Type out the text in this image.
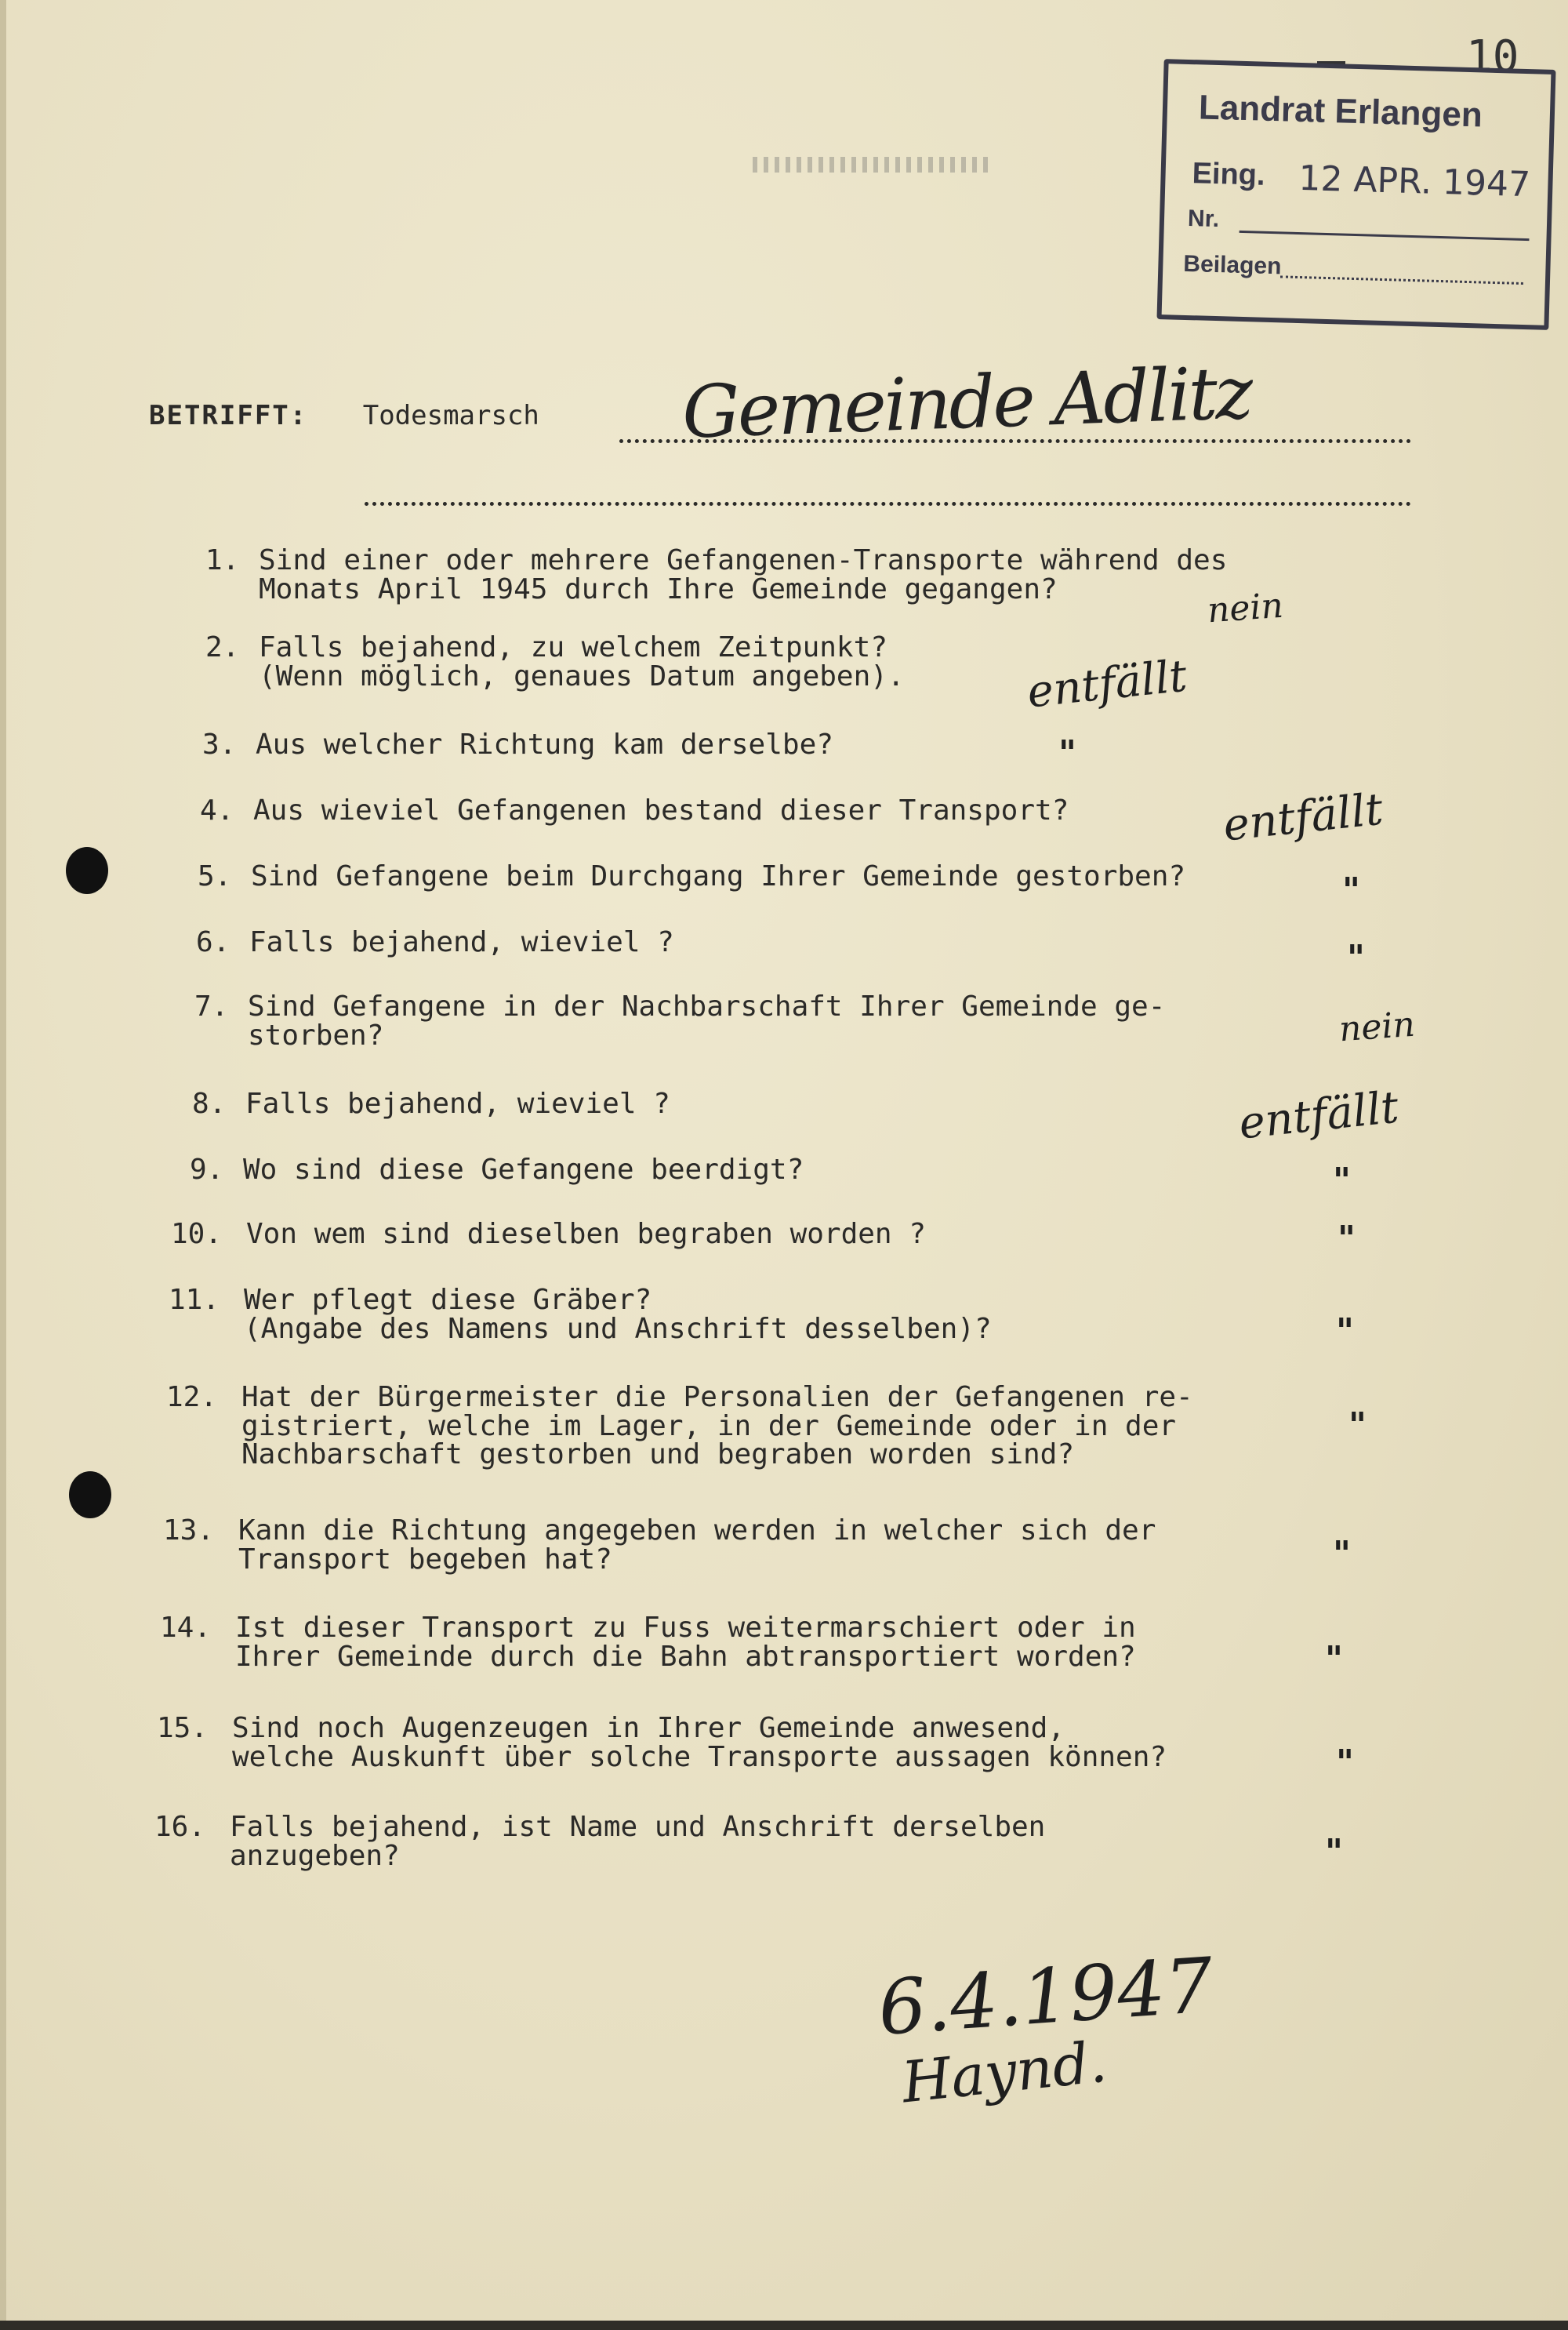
10
Landrat Erlangen
Eing. 12 APR. 1947
Nr.
Beilagen
BETRIFFT: Todesmarsch Gemeinde Adlitz

1.

Sind einer oder mehrere Gefangenen-Transporte während des
Monats April 1945 durch Ihre Gemeinde gegangen?

2.

Falls bejahend, zu welchem Zeitpunkt?
(Wenn möglich, genaues Datum angeben).

3.

Aus welcher Richtung kam derselbe?

4.

Aus wieviel Gefangenen bestand dieser Transport?

5.

Sind Gefangene beim Durchgang Ihrer Gemeinde gestorben?

6.

Falls bejahend, wieviel ?

7.

Sind Gefangene in der Nachbarschaft Ihrer Gemeinde ge-
storben?

8.

Falls bejahend, wieviel ?

9.

Wo sind diese Gefangene beerdigt?

10.

Von wem sind dieselben begraben worden ?

11.

Wer pflegt diese Gräber?
(Angabe des Namens und Anschrift desselben)?

12.

Hat der Bürgermeister die Personalien der Gefangenen re-
gistriert, welche im Lager, in der Gemeinde oder in der
Nachbarschaft gestorben und begraben worden sind?

13.

Kann die Richtung angegeben werden in welcher sich der
Transport begeben hat?

14.

Ist dieser Transport zu Fuss weitermarschiert oder in
Ihrer Gemeinde durch die Bahn abtransportiert worden?

15.

Sind noch Augenzeugen in Ihrer Gemeinde anwesend,
welche Auskunft über solche Transporte aussagen können?

16.

Falls bejahend, ist Name und Anschrift derselben
anzugeben?

nein
entfällt
"
entfällt
"
"
nein
entfällt
"
"
"
"
"
"
"
"
6.4.1947
Haynd.
